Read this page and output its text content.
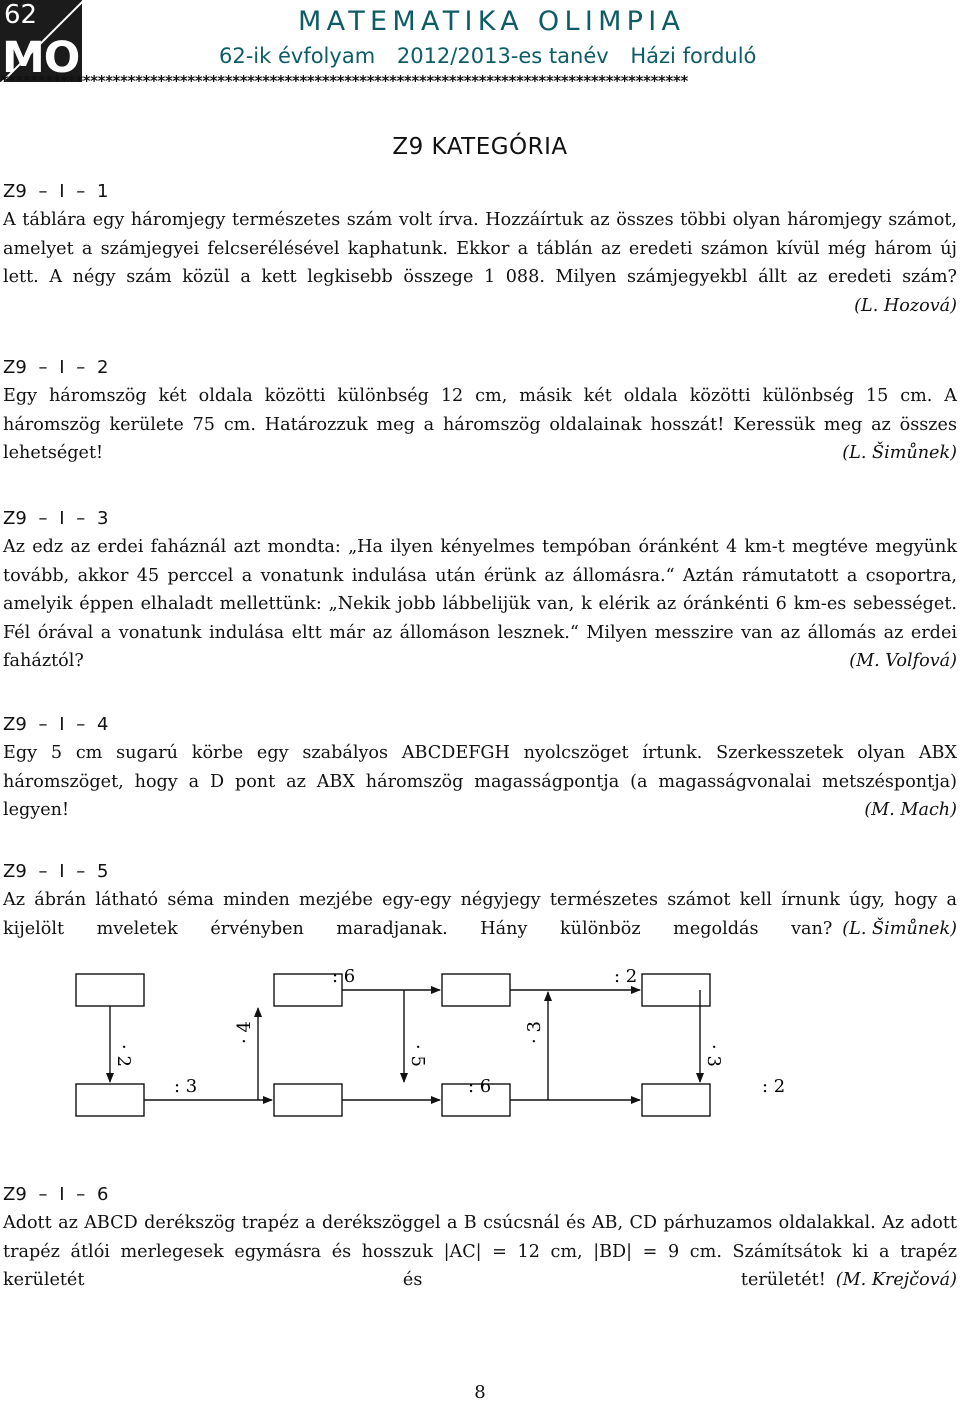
62
MO
MATEMATIKA OLIMPIA
62-ik évfolyam 2012/2013-es tanév Házi forduló
********************************************************************************************
Z9 KATEGÓRIA
Z9 – I – 1
A táblára egy háromjegy természetes szám volt írva. Hozzáírtuk az összes többi olyan háromjegy számot, amelyet a számjegyei felcserélésével kaphatunk. Ekkor a táblán az eredeti számon kívül még három új lett. A négy szám közül a kett legkisebb összege 1 088. Milyen számjegyekbl állt az eredeti szám?
(L. Hozová)
Z9 – I – 2
Egy háromszög két oldala közötti különbség 12 cm, másik két oldala közötti különbség 15 cm. A háromszög kerülete 75 cm. Határozzuk meg a háromszög oldalainak hosszát! Keressük meg az összes lehetséget!	(L. Šimůnek)
Z9 – I – 3
Az edz az erdei faháznál azt mondta: „Ha ilyen kényelmes tempóban óránként 4 km-t megtéve megyünk tovább, akkor 45 perccel a vonatunk indulása után érünk az állomásra.“ Aztán rámutatott a csoportra, amelyik éppen elhaladt mellettünk: „Nekik jobb lábbelijük van, k elérik az óránkénti 6 km-es sebességet. Fél órával a vonatunk indulása eltt már az állomáson lesznek.“ Milyen messzire van az állomás az erdei faháztól?	(M. Volfová)
Z9 – I – 4
Egy 5 cm sugarú körbe egy szabályos ABCDEFGH nyolcszöget írtunk. Szerkesszetek olyan ABX háromszöget, hogy a D pont az ABX háromszög magasságpontja (a magasságvonalai metszéspontja) legyen!	(M. Mach)
Z9 – I – 5
Az ábrán látható séma minden mezjébe egy-egy négyjegy természetes számot kell írnunk úgy, hogy a kijelölt mveletek érvényben maradjanak. Hány különböz megoldás van? (L. Šimůnek)
: 6	: 2
: 3	: 6	: 2
· 2
· 4
· 5
· 3
· 3
Z9 – I – 6
Adott az ABCD derékszög trapéz a derékszöggel a B csúcsnál és AB, CD párhuzamos oldalakkal. Az adott trapéz átlói merlegesek egymásra és hosszuk |AC| = 12 cm, |BD| = 9 cm. Számítsátok ki a trapéz kerületét és területét! (M. Krejčová)
8
